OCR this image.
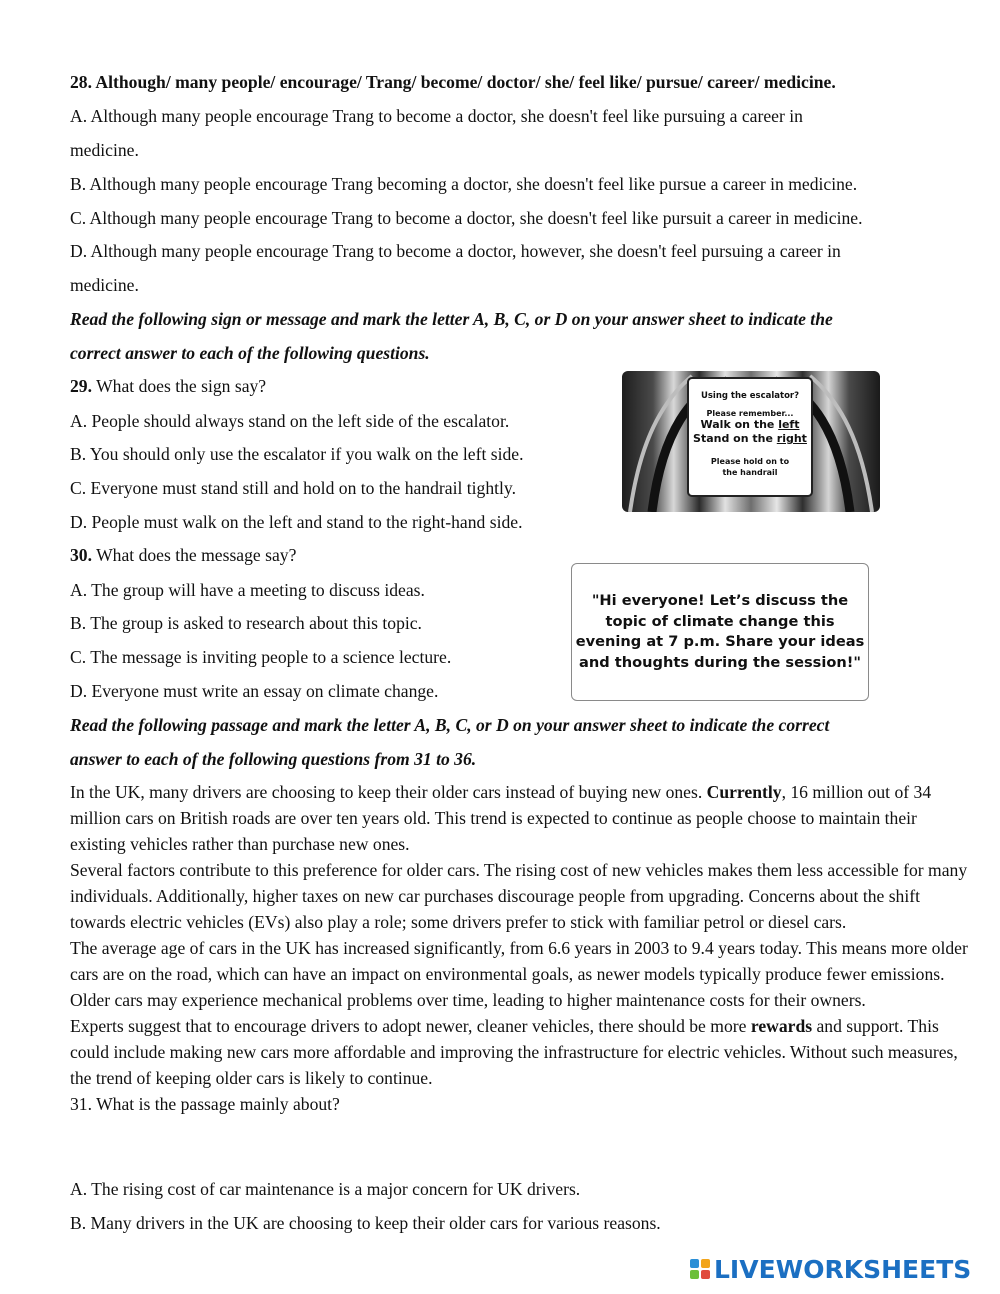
28. Although/ many people/ encourage/ Trang/ become/ doctor/ she/ feel like/ pursue/ career/ medicine.
A. Although many people encourage Trang to become a doctor, she doesn't feel like pursuing a career in
medicine.
B. Although many people encourage Trang becoming a doctor, she doesn't feel like pursue a career in medicine.
C. Although many people encourage Trang to become a doctor, she doesn't feel like pursuit a career in medicine.
D. Although many people encourage Trang to become a doctor, however, she doesn't feel pursuing a career in
medicine.
Read the following sign or message and mark the letter A, B, C, or D on your answer sheet to indicate the
correct answer to each of the following questions.
29. What does the sign say?
A. People should always stand on the left side of the escalator.
B. You should only use the escalator if you walk on the left side.
C. Everyone must stand still and hold on to the handrail tightly.
D. People must walk on the left and stand to the right-hand side.
Using the escalator?
Please remember...
Walk on the left
Stand on the right
Please hold on to
the handrail
30. What does the message say?
A. The group will have a meeting to discuss ideas.
B. The group is asked to research about this topic.
C. The message is inviting people to a science lecture.
D. Everyone must write an essay on climate change.
"Hi everyone! Let’s discuss the topic of climate change this evening at 7 p.m. Share your ideas and thoughts during the session!"
Read the following passage and mark the letter A, B, C, or D on your answer sheet to indicate the correct
answer to each of the following questions from 31 to 36.

In the UK, many drivers are choosing to keep their older cars instead of buying new ones. Currently, 16 million out of 34 million cars on British roads are over ten years old. This trend is expected to continue as people choose to maintain their existing vehicles rather than purchase new ones.

Several factors contribute to this preference for older cars. The rising cost of new vehicles makes them less accessible for many individuals. Additionally, higher taxes on new car purchases discourage people from upgrading. Concerns about the shift towards electric vehicles (EVs) also play a role; some drivers prefer to stick with familiar petrol or diesel cars.

The average age of cars in the UK has increased significantly, from 6.6 years in 2003 to 9.4 years today. This means more older cars are on the road, which can have an impact on environmental goals, as newer models typically produce fewer emissions. Older cars may experience mechanical problems over time, leading to higher maintenance costs for their owners.

Experts suggest that to encourage drivers to adopt newer, cleaner vehicles, there should be more rewards and support. This could include making new cars more affordable and improving the infrastructure for electric vehicles. Without such measures, the trend of keeping older cars is likely to continue.

31. What is the passage mainly about?

A. The rising cost of car maintenance is a major concern for UK drivers.
B. Many drivers in the UK are choosing to keep their older cars for various reasons.
LIVEWORKSHEETS
